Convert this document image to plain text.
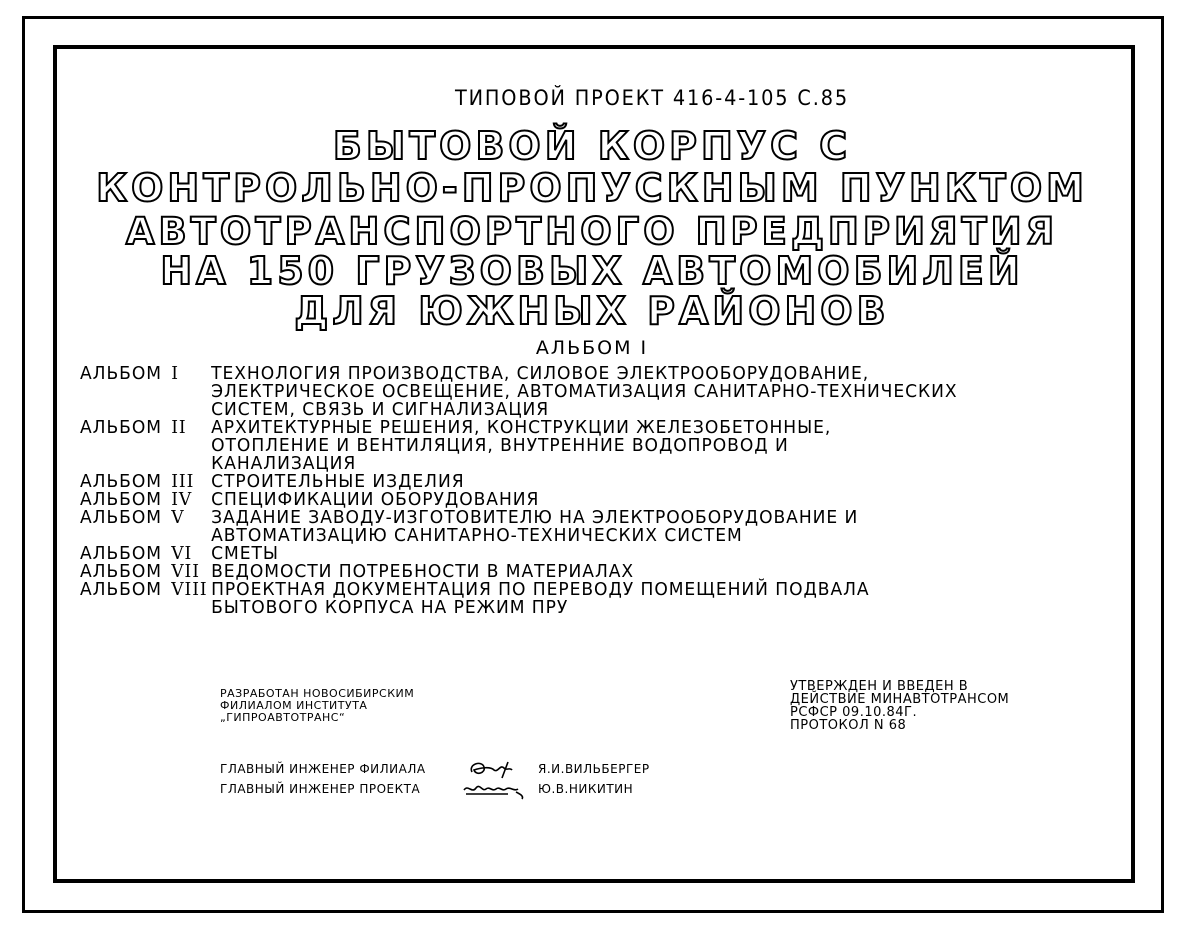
ТИПОВОЙ ПРОЕКТ 416-4-105 С.85
БЫТОВОЙ КОРПУС С
КОНТРОЛЬНО-ПРОПУСКНЫМ ПУНКТОМ
АВТОТРАНСПОРТНОГО ПРЕДПРИЯТИЯ
НА 150 ГРУЗОВЫХ АВТОМОБИЛЕЙ
ДЛЯ ЮЖНЫХ РАЙОНОВ
АЛЬБОМ I
АЛЬБОМ I	ТЕХНОЛОГИЯ ПРОИЗВОДСТВА, СИЛОВОЕ ЭЛЕКТРООБОРУДОВАНИЕ,
ЭЛЕКТРИЧЕСКОЕ ОСВЕЩЕНИЕ, АВТОМАТИЗАЦИЯ САНИТАРНО-ТЕХНИЧЕСКИХ
СИСТЕМ, СВЯЗЬ И СИГНАЛИЗАЦИЯ
АЛЬБОМ II	АРХИТЕКТУРНЫЕ РЕШЕНИЯ, КОНСТРУКЦИИ ЖЕЛЕЗОБЕТОННЫЕ,
ОТОПЛЕНИЕ И ВЕНТИЛЯЦИЯ, ВНУТРЕННИЕ ВОДОПРОВОД И
КАНАЛИЗАЦИЯ
АЛЬБОМ III СТРОИТЕЛЬНЫЕ ИЗДЕЛИЯ
АЛЬБОМ IV	СПЕЦИФИКАЦИИ ОБОРУДОВАНИЯ
АЛЬБОМ V	ЗАДАНИЕ ЗАВОДУ-ИЗГОТОВИТЕЛЮ НА ЭЛЕКТРООБОРУДОВАНИЕ И
АВТОМАТИЗАЦИЮ САНИТАРНО-ТЕХНИЧЕСКИХ СИСТЕМ
АЛЬБОМ VI	СМЕТЫ
АЛЬБОМ VII ВЕДОМОСТИ ПОТРЕБНОСТИ В МАТЕРИАЛАХ
АЛЬБОМ VIII ПРОЕКТНАЯ ДОКУМЕНТАЦИЯ ПО ПЕРЕВОДУ ПОМЕЩЕНИЙ ПОДВАЛА
БЫТОВОГО КОРПУСА НА РЕЖИМ ПРУ
РАЗРАБОТАН НОВОСИБИРСКИМ
ФИЛИАЛОМ ИНСТИТУТА
„ГИПРОАВТОТРАНС“
УТВЕРЖДЕН И ВВЕДЕН В
ДЕЙСТВИЕ МИНАВТОТРАНСОМ
РСФСР 09.10.84Г.
ПРОТОКОЛ N 68
ГЛАВНЫЙ ИНЖЕНЕР ФИЛИАЛА	Я.И.ВИЛЬБЕРГЕР
ГЛАВНЫЙ ИНЖЕНЕР ПРОЕКТА	Ю.В.НИКИТИН
